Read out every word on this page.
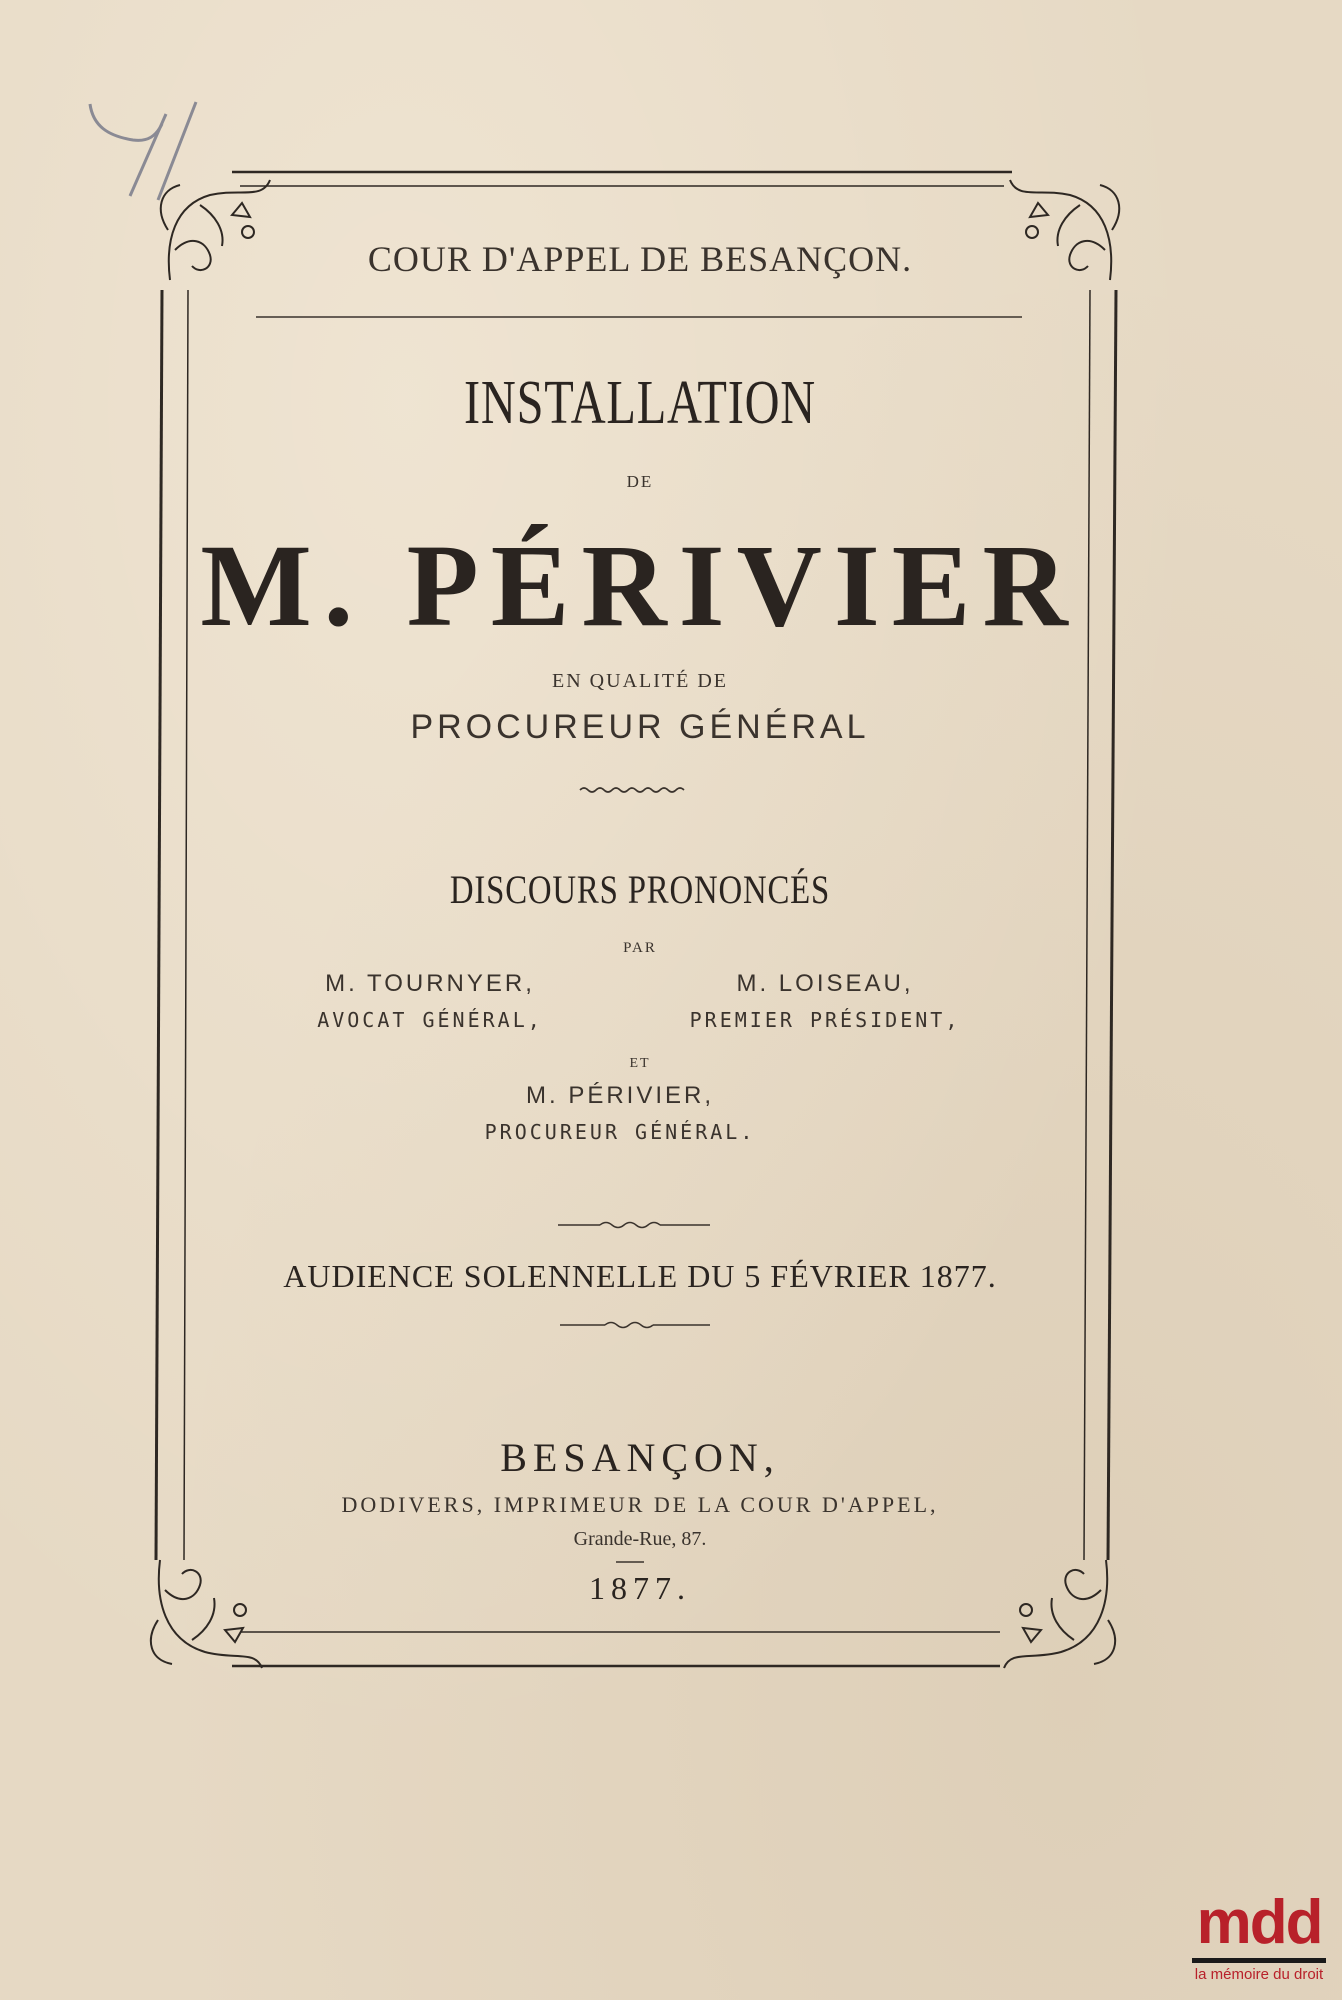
COUR D'APPEL DE BESANÇON.
INSTALLATION
DE
M. PÉRIVIER
EN QUALITÉ DE
PROCUREUR GÉNÉRAL
DISCOURS PRONONCÉS
PAR
M. TOURNYER,
AVOCAT GÉNÉRAL,
M. LOISEAU,
PREMIER PRÉSIDENT,
ET
M. PÉRIVIER,
PROCUREUR GÉNÉRAL.
AUDIENCE SOLENNELLE DU 5 FÉVRIER 1877.
BESANÇON,
DODIVERS, IMPRIMEUR DE LA COUR D'APPEL,
Grande-Rue, 87.
1877.
mdd
la mémoire du droit
